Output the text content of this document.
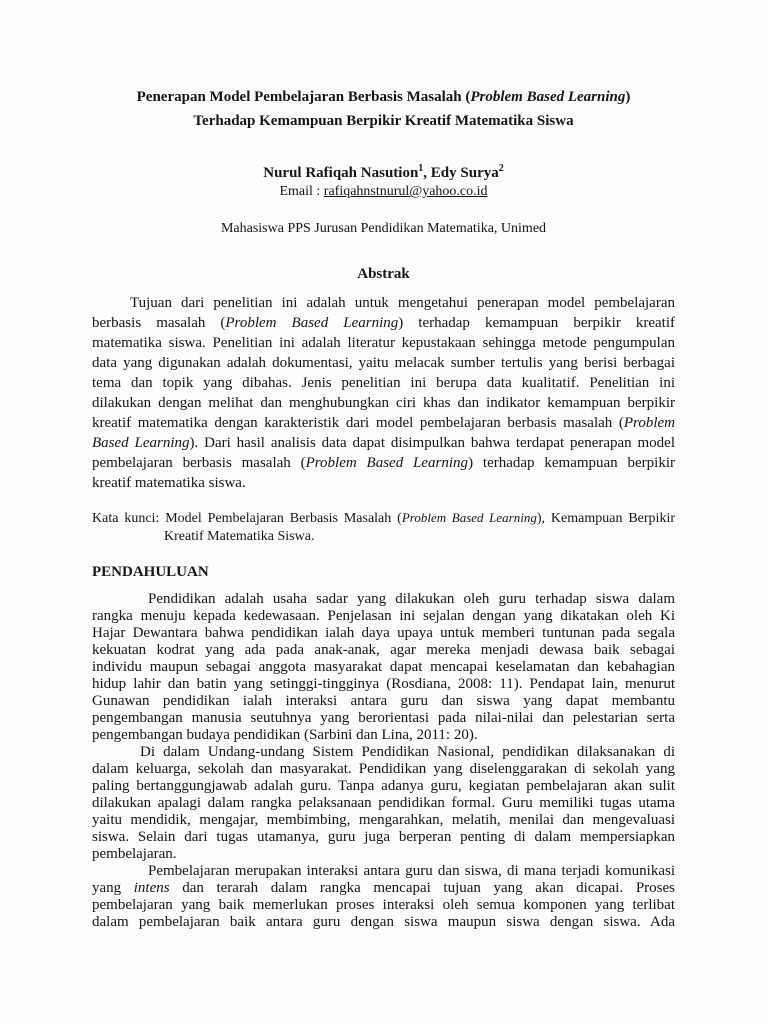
Penerapan Model Pembelajaran Berbasis Masalah (Problem Based Learning)
Terhadap Kemampuan Berpikir Kreatif Matematika Siswa
Nurul Rafiqah Nasution$^1$, Edy Surya$^2$
Email : rafiqahnstnurul@yahoo.co.id
Mahasiswa PPS Jurusan Pendidikan Matematika, Unimed
Abstrak
Tujuan dari penelitian ini adalah untuk mengetahui penerapan model pembelajaran
berbasis masalah (Problem Based Learning) terhadap kemampuan berpikir kreatif
matematika siswa. Penelitian ini adalah literatur kepustakaan sehingga metode pengumpulan
data yang digunakan adalah dokumentasi, yaitu melacak sumber tertulis yang berisi berbagai
tema dan topik yang dibahas. Jenis penelitian ini berupa data kualitatif. Penelitian ini
dilakukan dengan melihat dan menghubungkan ciri khas dan indikator kemampuan berpikir
kreatif matematika dengan karakteristik dari model pembelajaran berbasis masalah (Problem
Based Learning). Dari hasil analisis data dapat disimpulkan bahwa terdapat penerapan model
pembelajaran berbasis masalah (Problem Based Learning) terhadap kemampuan berpikir
kreatif matematika siswa.
Kata kunci: Model Pembelajaran Berbasis Masalah (Problem Based Learning), Kemampuan Berpikir
Kreatif Matematika Siswa.
PENDAHULUAN
Pendidikan adalah usaha sadar yang dilakukan oleh guru terhadap siswa dalam
rangka menuju kepada kedewasaan. Penjelasan ini sejalan dengan yang dikatakan oleh Ki
Hajar Dewantara bahwa pendidikan ialah daya upaya untuk memberi tuntunan pada segala
kekuatan kodrat yang ada pada anak-anak, agar mereka menjadi dewasa baik sebagai
individu maupun sebagai anggota masyarakat dapat mencapai keselamatan dan kebahagian
hidup lahir dan batin yang setinggi-tingginya (Rosdiana, 2008: 11). Pendapat lain, menurut
Gunawan pendidikan ialah interaksi antara guru dan siswa yang dapat membantu
pengembangan manusia seutuhnya yang berorientasi pada nilai-nilai dan pelestarian serta
pengembangan budaya pendidikan (Sarbini dan Lina, 2011: 20).
Di dalam Undang-undang Sistem Pendidikan Nasional, pendidikan dilaksanakan di
dalam keluarga, sekolah dan masyarakat. Pendidikan yang diselenggarakan di sekolah yang
paling bertanggungjawab adalah guru. Tanpa adanya guru, kegiatan pembelajaran akan sulit
dilakukan apalagi dalam rangka pelaksanaan pendidikan formal. Guru memiliki tugas utama
yaitu mendidik, mengajar, membimbing, mengarahkan, melatih, menilai dan mengevaluasi
siswa. Selain dari tugas utamanya, guru juga berperan penting di dalam mempersiapkan
pembelajaran.
Pembelajaran merupakan interaksi antara guru dan siswa, di mana terjadi komunikasi
yang intens dan terarah dalam rangka mencapai tujuan yang akan dicapai. Proses
pembelajaran yang baik memerlukan proses interaksi oleh semua komponen yang terlibat
dalam pembelajaran baik antara guru dengan siswa maupun siswa dengan siswa. Ada
